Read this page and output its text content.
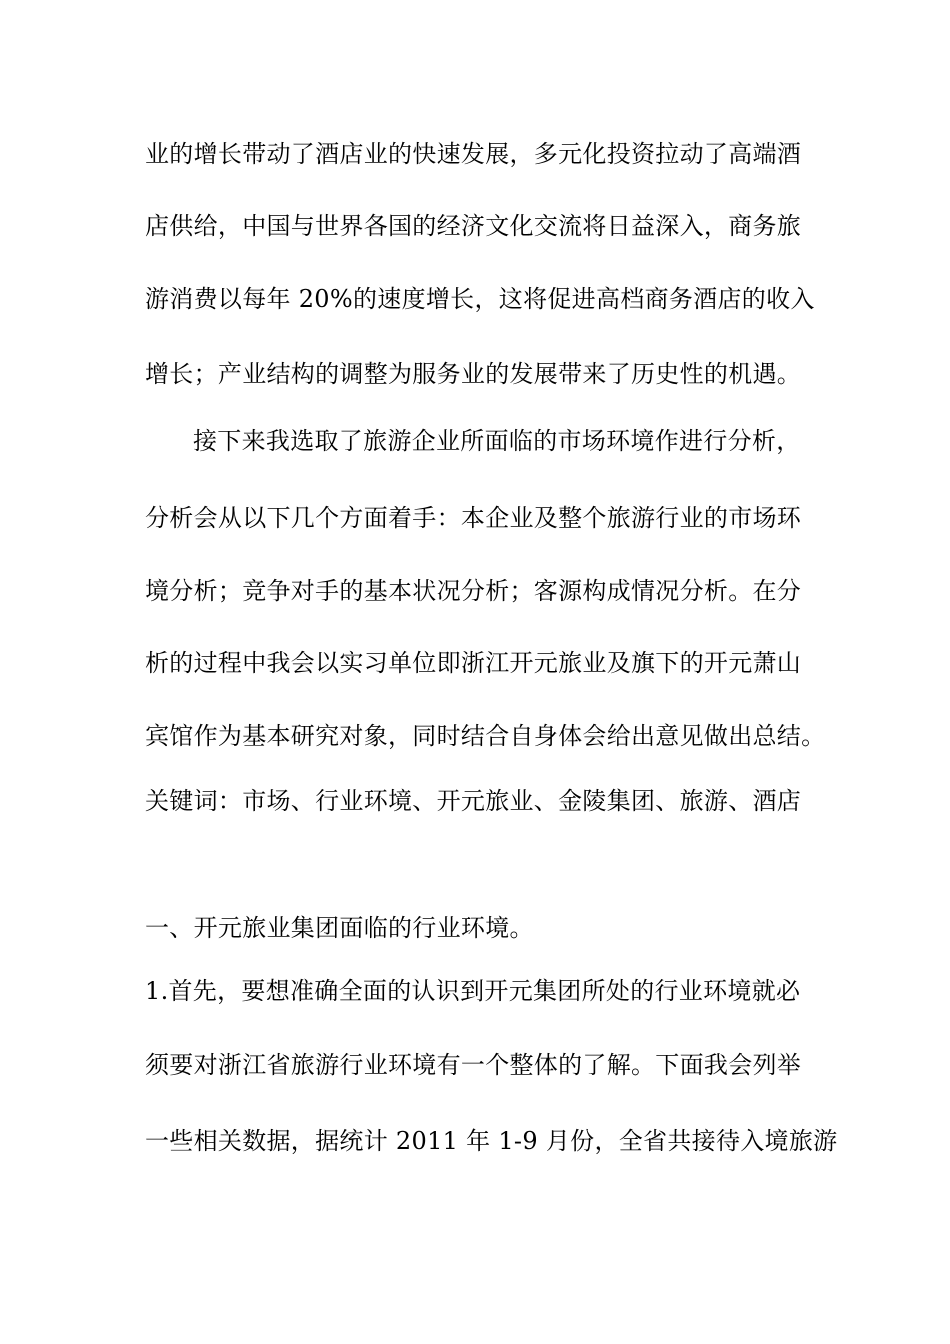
业的增长带动了酒店业的快速发展，多元化投资拉动了高端酒
店供给，中国与世界各国的经济文化交流将日益深入，商务旅
游消费以每年 20%的速度增长，这将促进高档商务酒店的收入
增长；产业结构的调整为服务业的发展带来了历史性的机遇。
接下来我选取了旅游企业所面临的市场环境作进行分析，
分析会从以下几个方面着手：本企业及整个旅游行业的市场环
境分析；竞争对手的基本状况分析；客源构成情况分析。在分
析的过程中我会以实习单位即浙江开元旅业及旗下的开元萧山
宾馆作为基本研究对象，同时结合自身体会给出意见做出总结。
关键词：市场、行业环境、开元旅业、金陵集团、旅游、酒店
一、开元旅业集团面临的行业环境。
1.首先，要想准确全面的认识到开元集团所处的行业环境就必
须要对浙江省旅游行业环境有一个整体的了解。下面我会列举
一些相关数据，据统计 2011 年 1-9 月份，全省共接待入境旅游
